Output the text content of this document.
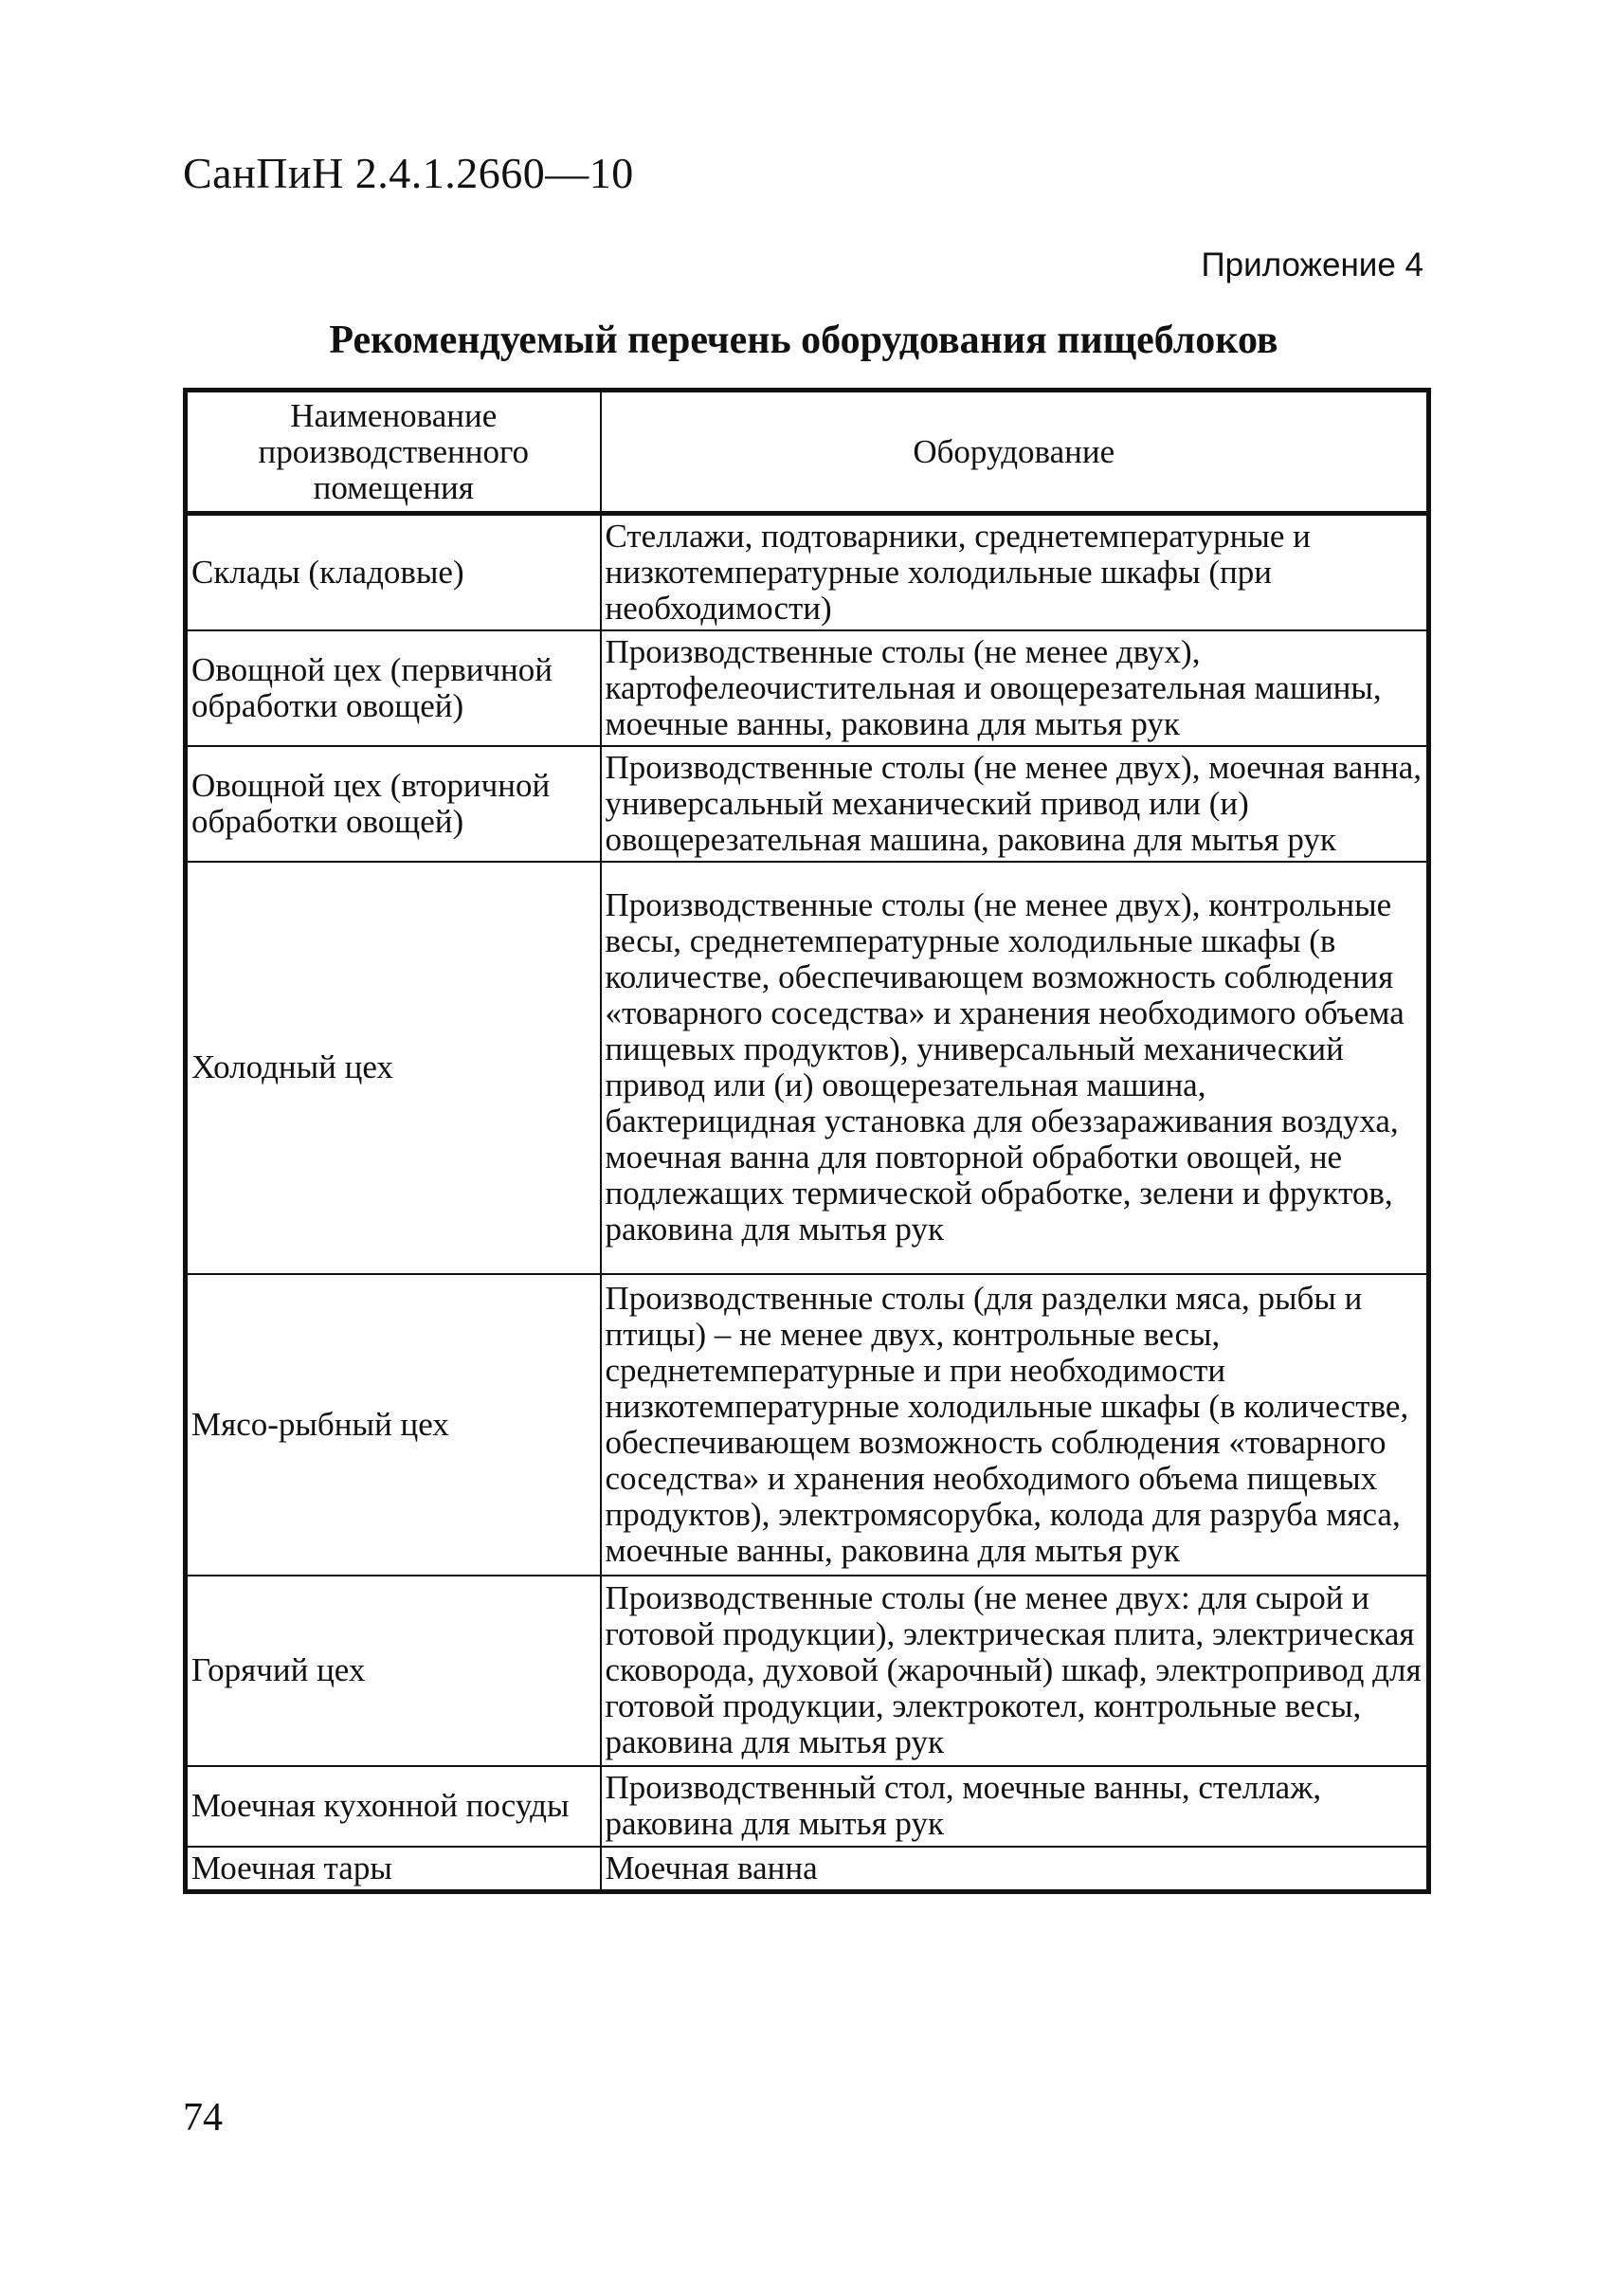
СанПиН 2.4.1.2660—10
Приложение 4
Рекомендуемый перечень оборудования пищеблоков
Наименование производственного помещения	Оборудование
Склады (кладовые)	Стеллажи, подтоварники, среднетемпературные и низкотемпературные холодильные шкафы (при необходимости)
Овощной цех (первичной обработки овощей)	Производственные столы (не менее двух), картофелеочистительная и овощерезательная машины, моечные ванны, раковина для мытья рук
Овощной цех (вторичной обработки овощей)	Производственные столы (не менее двух), моечная ванна, универсальный механический привод или (и) овощерезательная машина, раковина для мытья рук
Холодный цех	Производственные столы (не менее двух), контрольные весы, среднетемпературные холодильные шкафы (в количестве, обеспечивающем возможность соблюдения «товарного соседства» и хранения необходимого объема пищевых продуктов), универсальный механический привод или (и) овощерезательная машина, бактерицидная установка для обеззараживания воздуха, моечная ванна для повторной обработки овощей, не подлежащих термической обработке, зелени и фруктов, раковина для мытья рук
Мясо-рыбный цех	Производственные столы (для разделки мяса, рыбы и птицы) – не менее двух, контрольные весы, среднетемпературные и при необходимости низкотемпературные холодильные шкафы (в количестве, обеспечивающем возможность соблюдения «товарного соседства» и хранения необходимого объема пищевых продуктов), электромясорубка, колода для разруба мяса, моечные ванны, раковина для мытья рук
Горячий цех	Производственные столы (не менее двух: для сырой и готовой продукции), электрическая плита, электрическая сковорода, духовой (жарочный) шкаф, электропривод для готовой продукции, электрокотел, контрольные весы, раковина для мытья рук
Моечная кухонной посуды	Производственный стол, моечные ванны, стеллаж, раковина для мытья рук
Моечная тары	Моечная ванна
74
